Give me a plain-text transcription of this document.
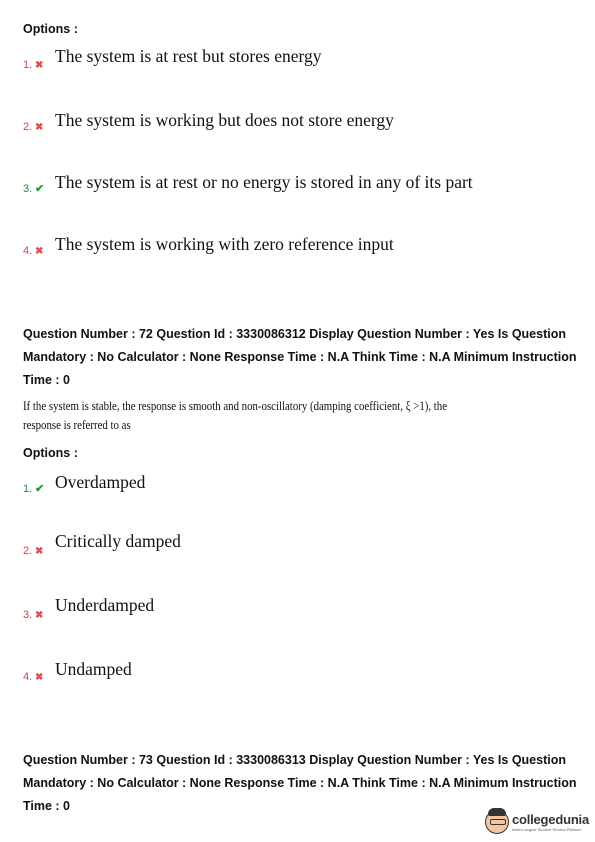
Options :
1. ✖ The system is at rest but stores energy
2. ✖ The system is working but does not store energy
3. ✔ The system is at rest or no energy is stored in any of its part
4. ✖ The system is working with zero reference input
Question Number : 72 Question Id : 3330086312 Display Question Number : Yes Is Question
Mandatory : No Calculator : None Response Time : N.A Think Time : N.A Minimum Instruction
Time : 0
If the system is stable, the response is smooth and non-oscillatory (damping coefficient, ξ >1), the
response is referred to as
Options :
1. ✔ Overdamped
2. ✖
Critically damped
3. ✖
Underdamped
4. ✖ Undamped
Question Number : 73 Question Id : 3330086313 Display Question Number : Yes Is Question
Mandatory : No Calculator : None Response Time : N.A Think Time : N.A Minimum Instruction
Time : 0
collegedunia
India's largest Student Review Platform
